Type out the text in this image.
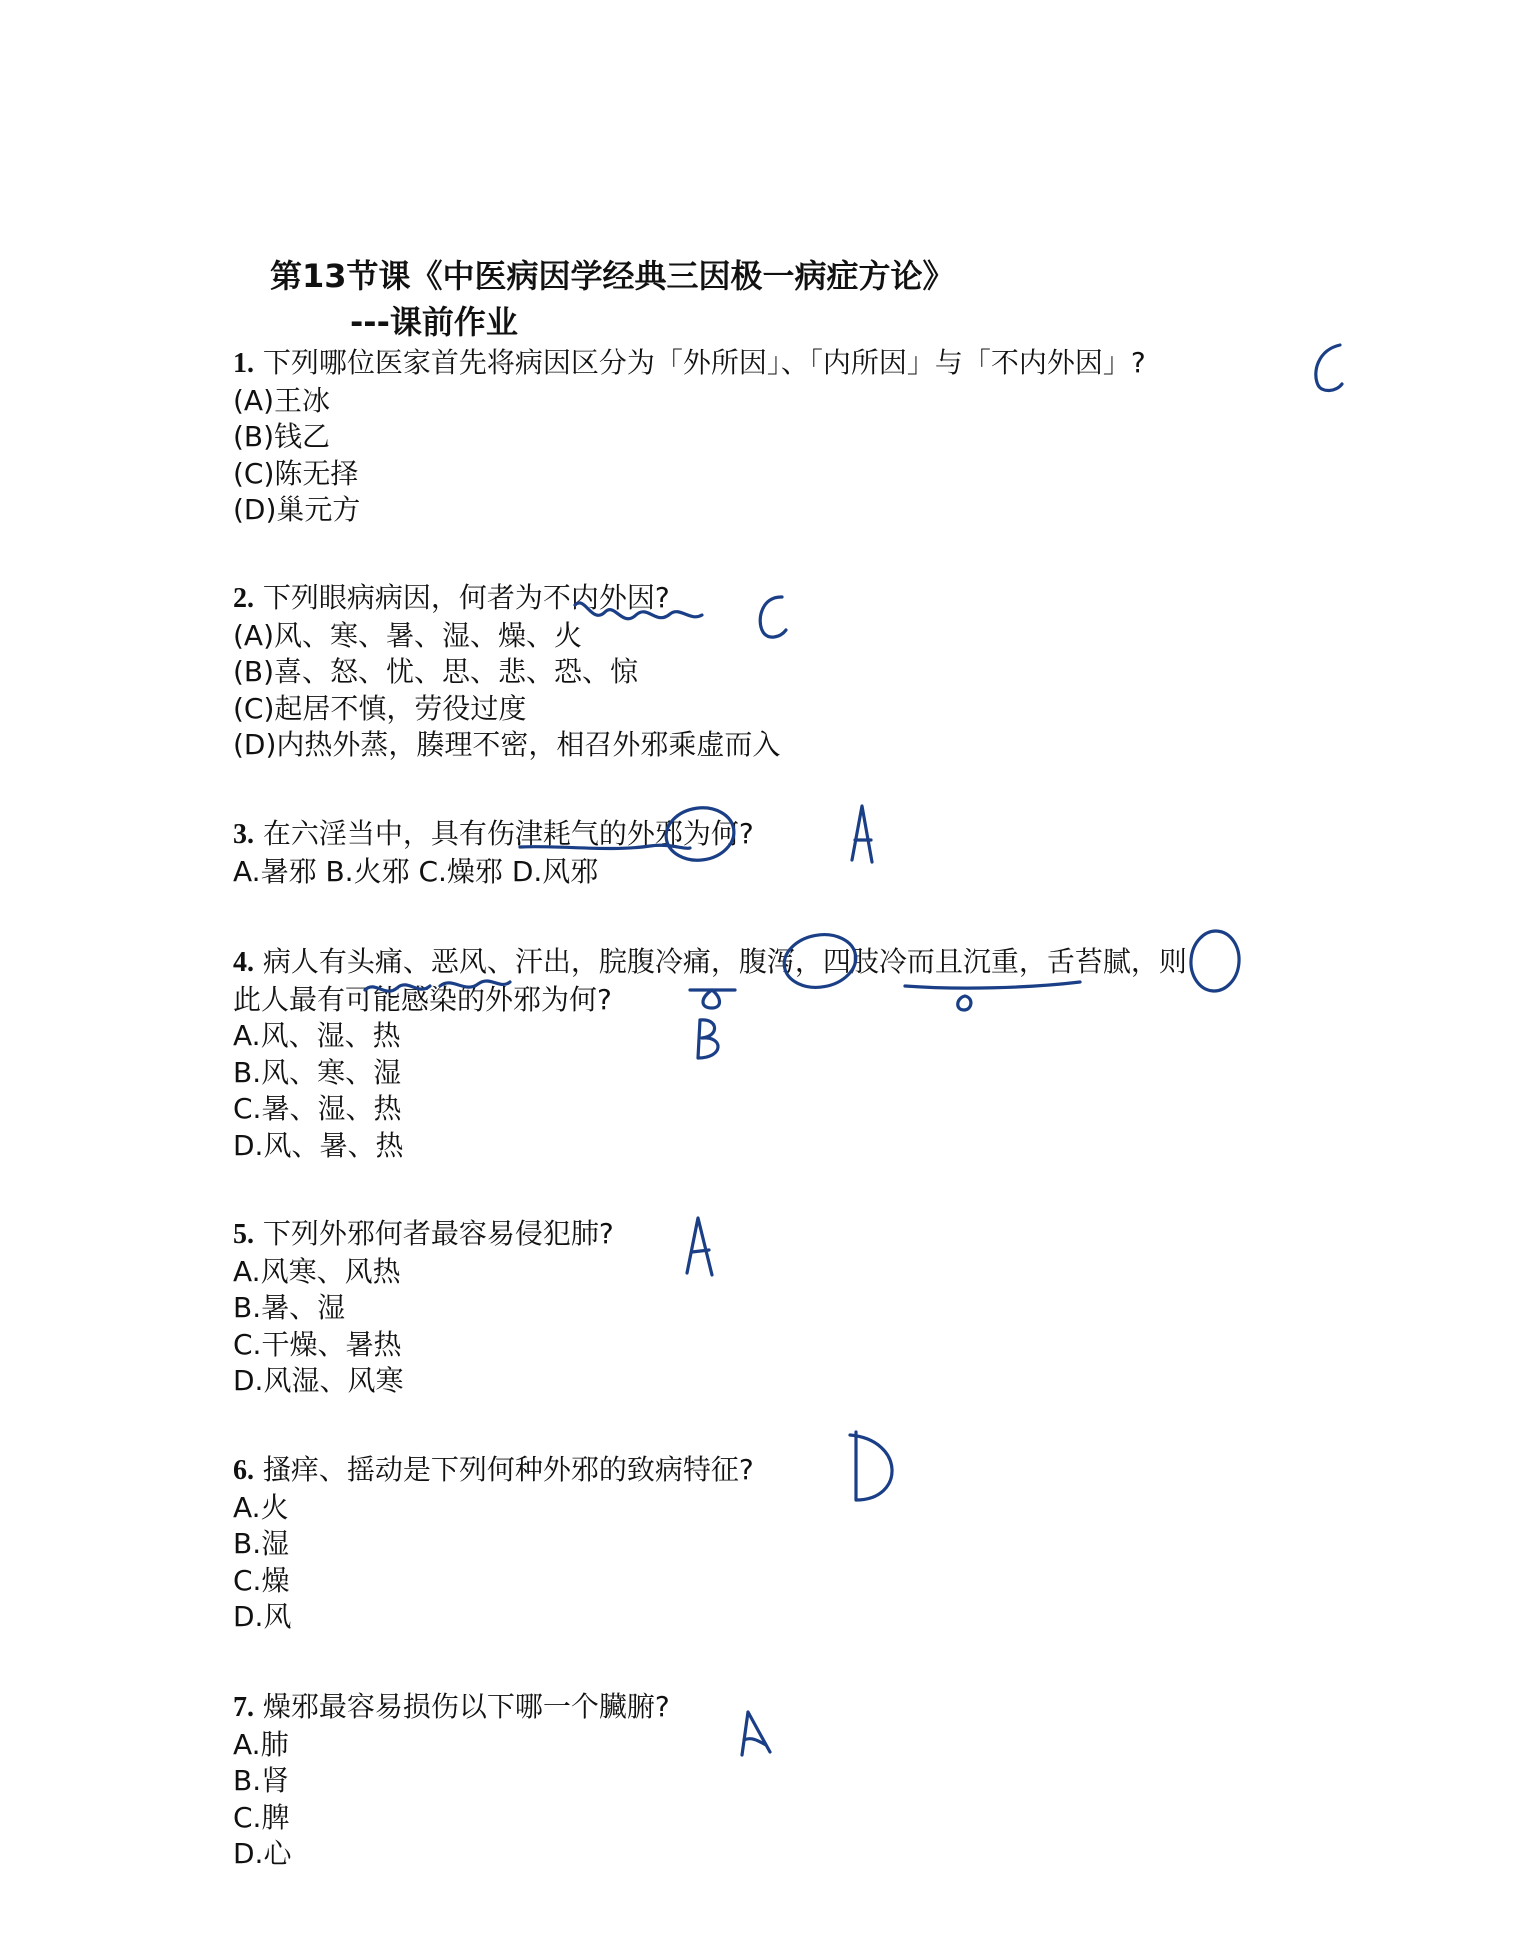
第13节课《中医病因学经典三因极一病症方论》
---课前作业
1. 下列哪位医家首先将病因区分为「外所因」、「内所因」与「不内外因」?
(A)王冰
(B)钱乙
(C)陈无择
(D)巢元方
2. 下列眼病病因，何者为不内外因?
(A)风、寒、暑、湿、燥、火
(B)喜、怒、忧、思、悲、恐、惊
(C)起居不慎，劳役过度
(D)内热外蒸，腠理不密，相召外邪乘虚而入
3. 在六淫当中，具有伤津耗气的外邪为何?
A.暑邪 B.火邪 C.燥邪 D.风邪
4. 病人有头痛、恶风、汗出，脘腹冷痛，腹泻，四肢冷而且沉重，舌苔腻，则
此人最有可能感染的外邪为何?
A.风、湿、热
B.风、寒、湿
C.暑、湿、热
D.风、暑、热
5. 下列外邪何者最容易侵犯肺?
A.风寒、风热
B.暑、湿
C.干燥、暑热
D.风湿、风寒
6. 搔痒、摇动是下列何种外邪的致病特征?
A.火
B.湿
C.燥
D.风
7. 燥邪最容易损伤以下哪一个臟腑?
A.肺
B.肾
C.脾
D.心
